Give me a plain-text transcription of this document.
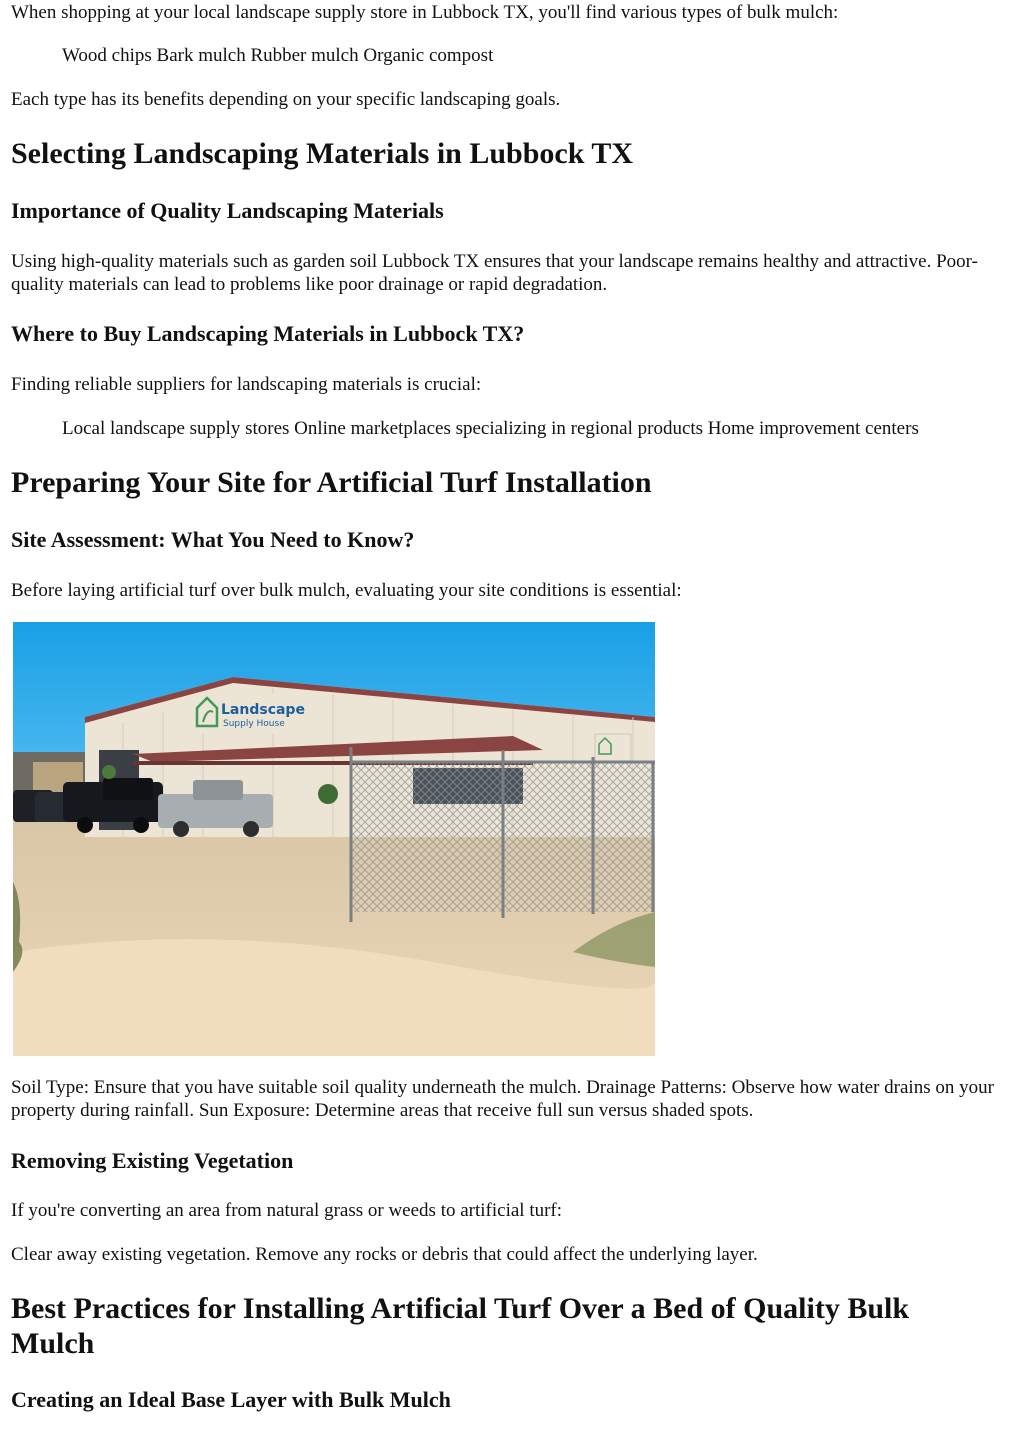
When shopping at your local landscape supply store in Lubbock TX, you'll find various types of bulk mulch:

Wood chips Bark mulch Rubber mulch Organic compost

Each type has its benefits depending on your specific landscaping goals.

Selecting Landscaping Materials in Lubbock TX
Importance of Quality Landscaping Materials

Using high-quality materials such as garden soil Lubbock TX ensures that your landscape remains healthy and attractive. Poor-quality materials can lead to problems like poor drainage or rapid degradation.

Where to Buy Landscaping Materials in Lubbock TX?

Finding reliable suppliers for landscaping materials is crucial:

Local landscape supply stores Online marketplaces specializing in regional products Home improvement centers

Preparing Your Site for Artificial Turf Installation
Site Assessment: What You Need to Know?

Before laying artificial turf over bulk mulch, evaluating your site conditions is essential:

Landscape
Supply House

Soil Type: Ensure that you have suitable soil quality underneath the mulch. Drainage Patterns: Observe how water drains on your property during rainfall. Sun Exposure: Determine areas that receive full sun versus shaded spots.

Removing Existing Vegetation

If you're converting an area from natural grass or weeds to artificial turf:

Clear away existing vegetation. Remove any rocks or debris that could affect the underlying layer.

Best Practices for Installing Artificial Turf Over a Bed of Quality Bulk Mulch
Creating an Ideal Base Layer with Bulk Mulch
